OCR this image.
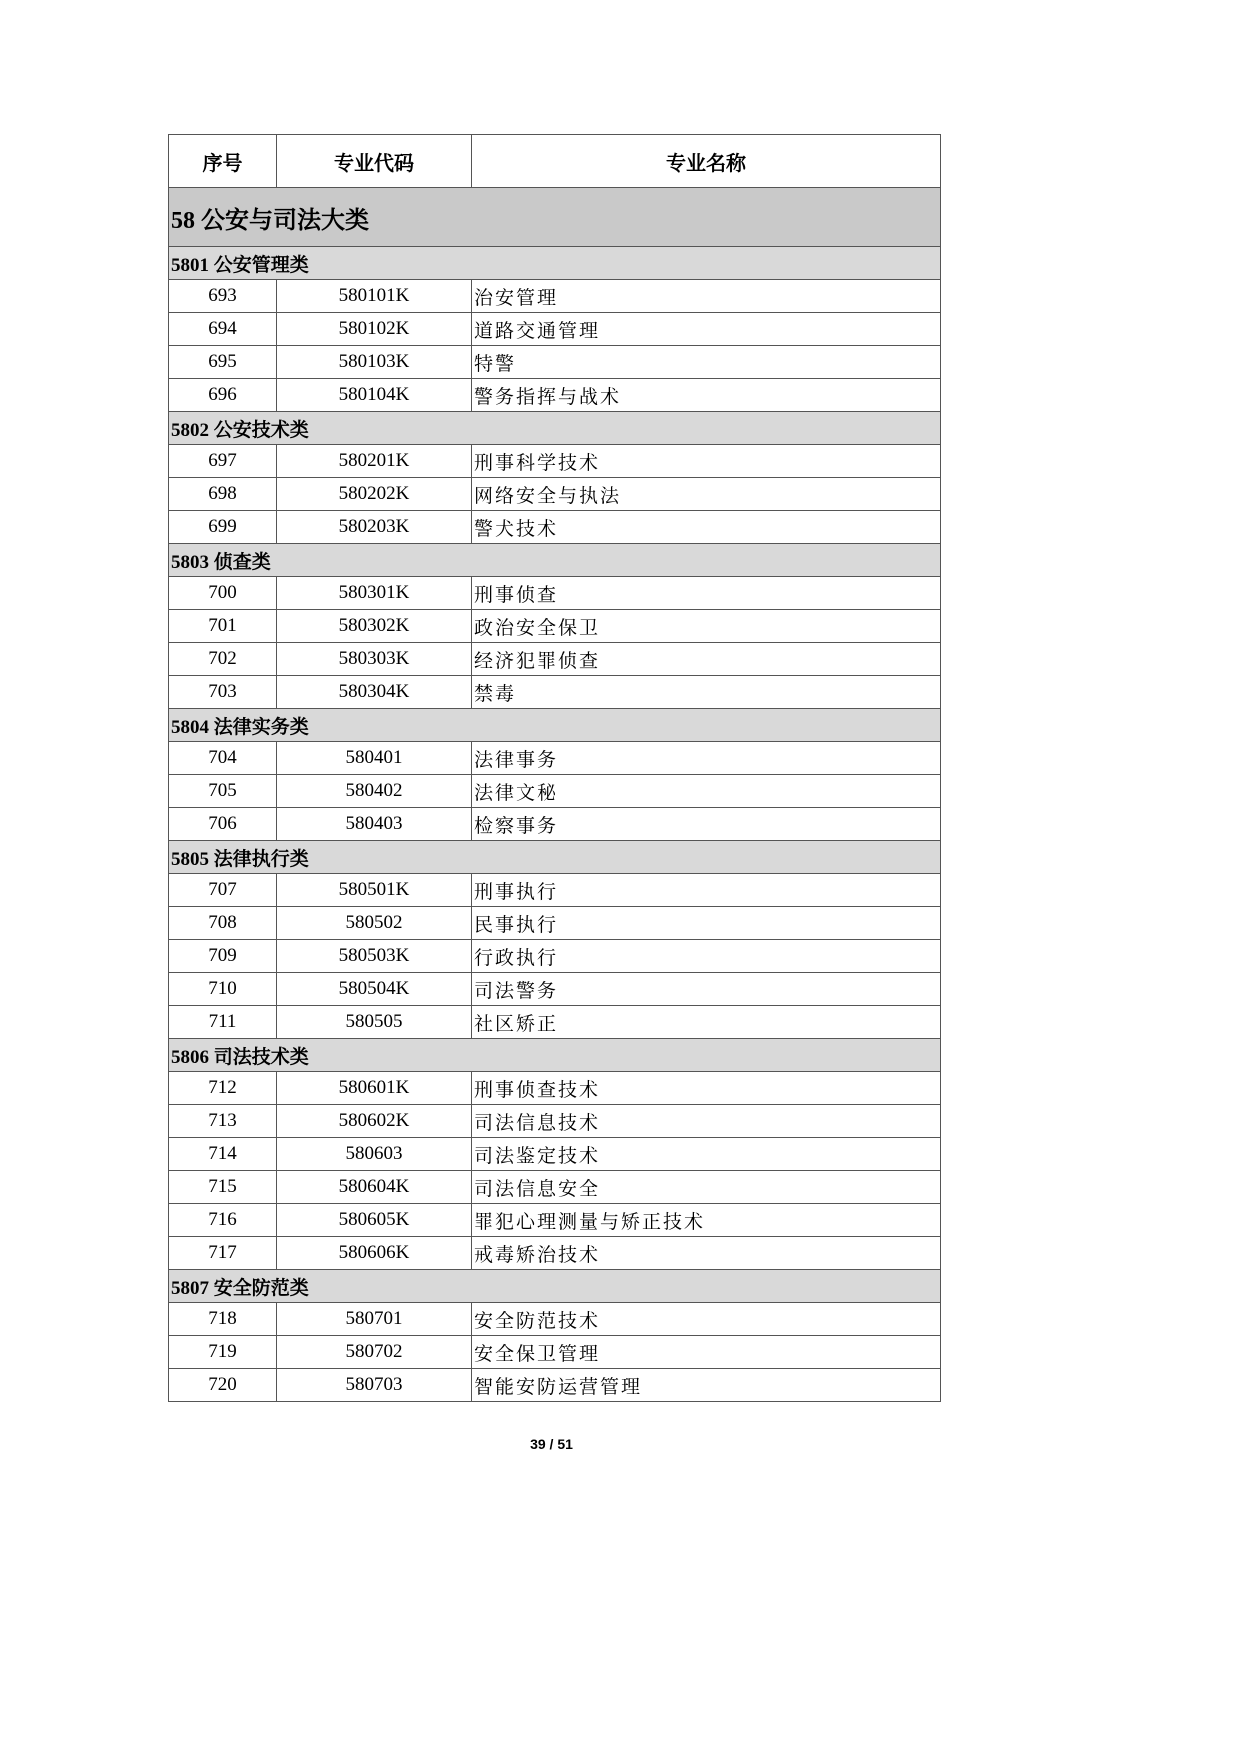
序号	专业代码	专业名称
58 公安与司法大类		
5801 公安管理类		
693	580101K	治安管理
694	580102K	道路交通管理
695	580103K	特警
696	580104K	警务指挥与战术
5802 公安技术类		
697	580201K	刑事科学技术
698	580202K	网络安全与执法
699	580203K	警犬技术
5803 侦查类		
700	580301K	刑事侦查
701	580302K	政治安全保卫
702	580303K	经济犯罪侦查
703	580304K	禁毒
5804 法律实务类		
704	580401	法律事务
705	580402	法律文秘
706	580403	检察事务
5805 法律执行类		
707	580501K	刑事执行
708	580502	民事执行
709	580503K	行政执行
710	580504K	司法警务
711	580505	社区矫正
5806 司法技术类		
712	580601K	刑事侦查技术
713	580602K	司法信息技术
714	580603	司法鉴定技术
715	580604K	司法信息安全
716	580605K	罪犯心理测量与矫正技术
717	580606K	戒毒矫治技术
5807 安全防范类		
718	580701	安全防范技术
719	580702	安全保卫管理
720	580703	智能安防运营管理
39 / 51
